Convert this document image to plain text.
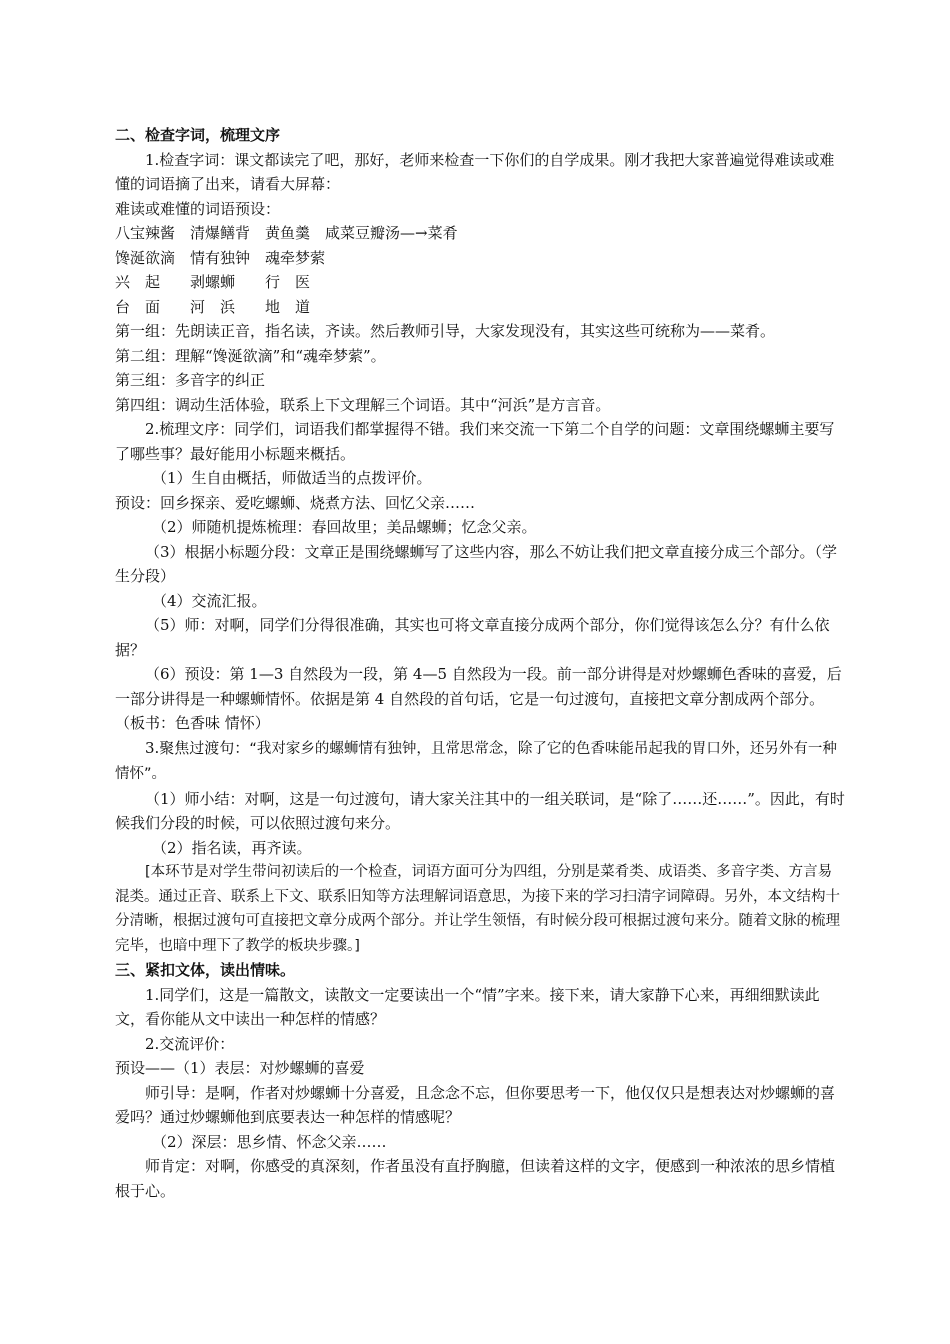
二、检查字词，梳理文序

1.检查字词：课文都读完了吧，那好，老师来检查一下你们的自学成果。刚才我把大家普遍觉得难读或难懂的词语摘了出来，请看大屏幕：

难读或难懂的词语预设：

八宝辣酱　清爆鳝背　黄鱼羹　咸菜豆瓣汤—→菜肴

馋涎欲滴　情有独钟　魂牵梦萦

兴　起　　剥螺蛳　　行　医

台　面　　河　浜　　地　道

第一组：先朗读正音，指名读，齐读。然后教师引导，大家发现没有，其实这些可统称为——菜肴。

第二组：理解“馋涎欲滴”和“魂牵梦萦”。

第三组：多音字的纠正

第四组：调动生活体验，联系上下文理解三个词语。其中“河浜”是方言音。

2.梳理文序：同学们，词语我们都掌握得不错。我们来交流一下第二个自学的问题：文章围绕螺蛳主要写了哪些事？最好能用小标题来概括。

（1）生自由概括，师做适当的点拨评价。

预设：回乡探亲、爱吃螺蛳、烧煮方法、回忆父亲……

（2）师随机提炼梳理：春回故里；美品螺蛳；忆念父亲。

（3）根据小标题分段：文章正是围绕螺蛳写了这些内容，那么不妨让我们把文章直接分成三个部分。（学生分段）

（4）交流汇报。

（5）师：对啊，同学们分得很准确，其实也可将文章直接分成两个部分，你们觉得该怎么分？有什么依据？

（6）预设：第 1—3 自然段为一段，第 4—5 自然段为一段。前一部分讲得是对炒螺蛳色香味的喜爱，后一部分讲得是一种螺蛳情怀。依据是第 4 自然段的首句话，它是一句过渡句，直接把文章分割成两个部分。（板书：色香味 情怀）

3.聚焦过渡句：“我对家乡的螺蛳情有独钟，且常思常念，除了它的色香味能吊起我的胃口外，还另外有一种情怀”。

（1）师小结：对啊，这是一句过渡句，请大家关注其中的一组关联词，是“除了……还……”。因此，有时候我们分段的时候，可以依照过渡句来分。

（2）指名读，再齐读。

[本环节是对学生带问初读后的一个检查，词语方面可分为四组，分别是菜肴类、成语类、多音字类、方言易混类。通过正音、联系上下文、联系旧知等方法理解词语意思，为接下来的学习扫清字词障碍。另外，本文结构十分清晰，根据过渡句可直接把文章分成两个部分。并让学生领悟，有时候分段可根据过渡句来分。随着文脉的梳理完毕，也暗中理下了教学的板块步骤。]

三、紧扣文体，读出情味。

1.同学们，这是一篇散文，读散文一定要读出一个“情”字来。接下来，请大家静下心来，再细细默读此文，看你能从文中读出一种怎样的情感？

2.交流评价：

预设——（1）表层：对炒螺蛳的喜爱

师引导：是啊，作者对炒螺蛳十分喜爱，且念念不忘，但你要思考一下，他仅仅只是想表达对炒螺蛳的喜爱吗？通过炒螺蛳他到底要表达一种怎样的情感呢？

（2）深层：思乡情、怀念父亲……

师肯定：对啊，你感受的真深刻，作者虽没有直抒胸臆，但读着这样的文字，便感到一种浓浓的思乡情植根于心。
